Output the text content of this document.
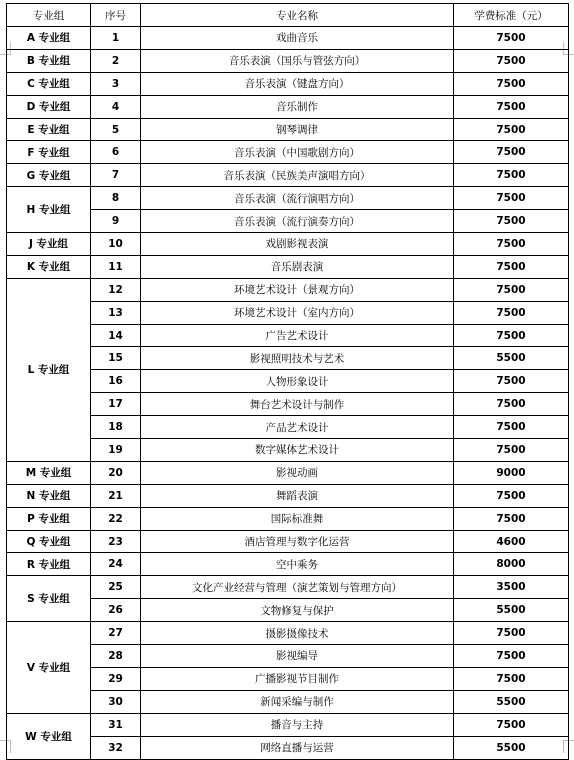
专业组	序号	专业名称	学费标准（元）
A 专业组	1	戏曲音乐	7500
B 专业组	2	音乐表演（国乐与管弦方向）	7500
C 专业组	3	音乐表演（键盘方向）	7500
D 专业组	4	音乐制作	7500
E 专业组	5	钢琴调律	7500
F 专业组	6	音乐表演（中国歌剧方向）	7500
G 专业组	7	音乐表演（民族美声演唱方向）	7500
H 专业组	8	音乐表演（流行演唱方向）	7500
	9	音乐表演（流行演奏方向）	7500
J 专业组	10	戏剧影视表演	7500
K 专业组	11	音乐剧表演	7500
L 专业组	12	环境艺术设计（景观方向）	7500
	13	环境艺术设计（室内方向）	7500
	14	广告艺术设计	7500
	15	影视照明技术与艺术	5500
	16	人物形象设计	7500
	17	舞台艺术设计与制作	7500
	18	产品艺术设计	7500
	19	数字媒体艺术设计	7500
M 专业组	20	影视动画	9000
N 专业组	21	舞蹈表演	7500
P 专业组	22	国际标准舞	7500
Q 专业组	23	酒店管理与数字化运营	4600
R 专业组	24	空中乘务	8000
S 专业组	25	文化产业经营与管理（演艺策划与管理方向）	3500
	26	文物修复与保护	5500
V 专业组	27	摄影摄像技术	7500
	28	影视编导	7500
	29	广播影视节目制作	7500
	30	新闻采编与制作	5500
W 专业组	31	播音与主持	7500
	32	网络直播与运营	5500
